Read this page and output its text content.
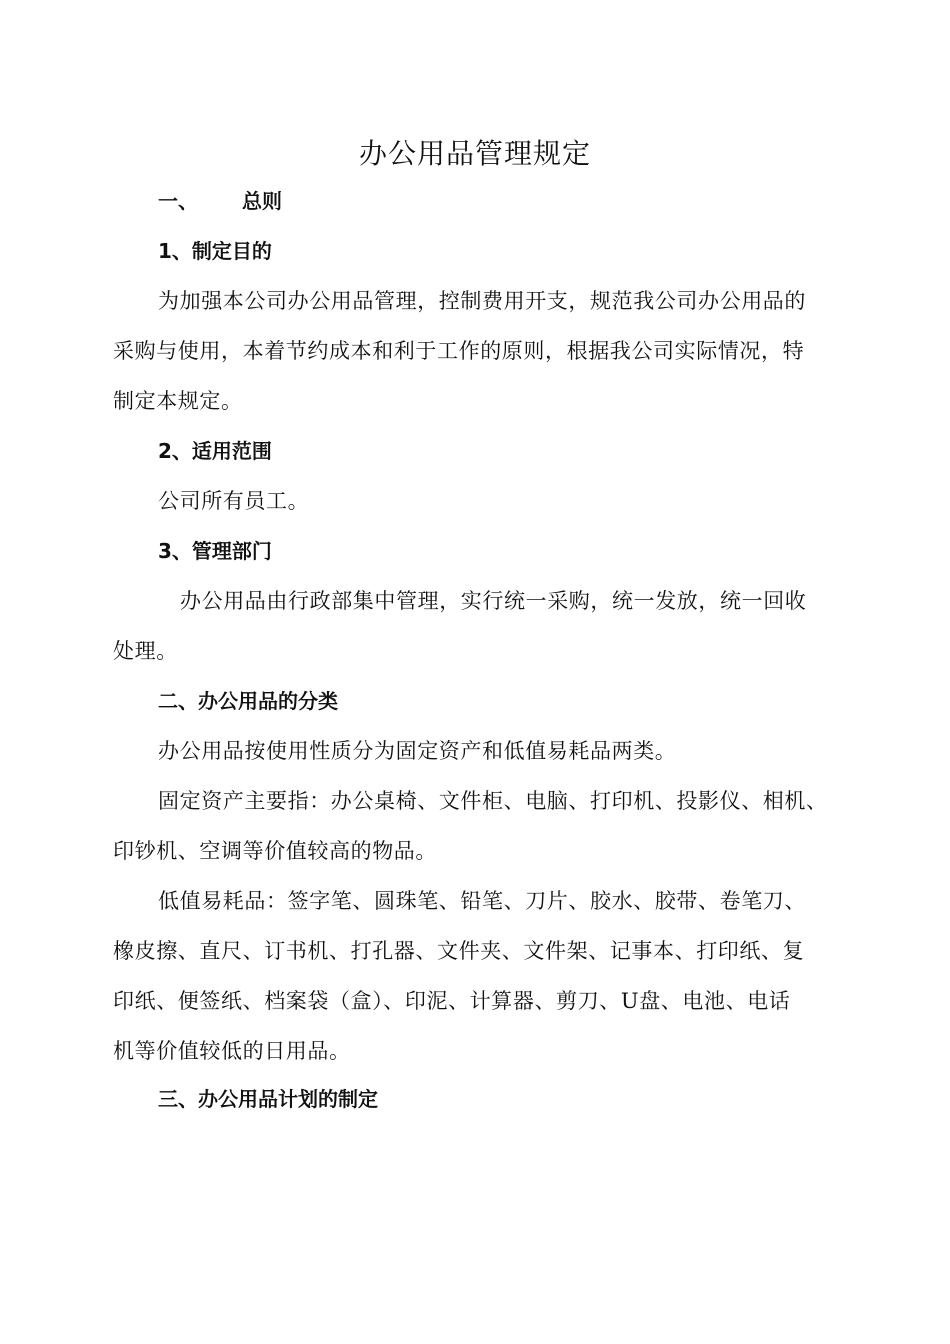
办公用品管理规定
一、 总则
1、制定目的
为加强本公司办公用品管理，控制费用开支，规范我公司办公用品的
采购与使用，本着节约成本和利于工作的原则，根据我公司实际情况，特
制定本规定。
2、适用范围
公司所有员工。
3、管理部门
办公用品由行政部集中管理，实行统一采购，统一发放，统一回收
处理。
二、办公用品的分类
办公用品按使用性质分为固定资产和低值易耗品两类。
固定资产主要指：办公桌椅、文件柜、电脑、打印机、投影仪、相机、
印钞机、空调等价值较高的物品。
低值易耗品：签字笔、圆珠笔、铅笔、刀片、胶水、胶带、卷笔刀、
橡皮擦、直尺、订书机、打孔器、文件夹、文件架、记事本、打印纸、复
印纸、便签纸、档案袋（盒）、印泥、计算器、剪刀、U盘、电池、电话
机等价值较低的日用品。
三、办公用品计划的制定
